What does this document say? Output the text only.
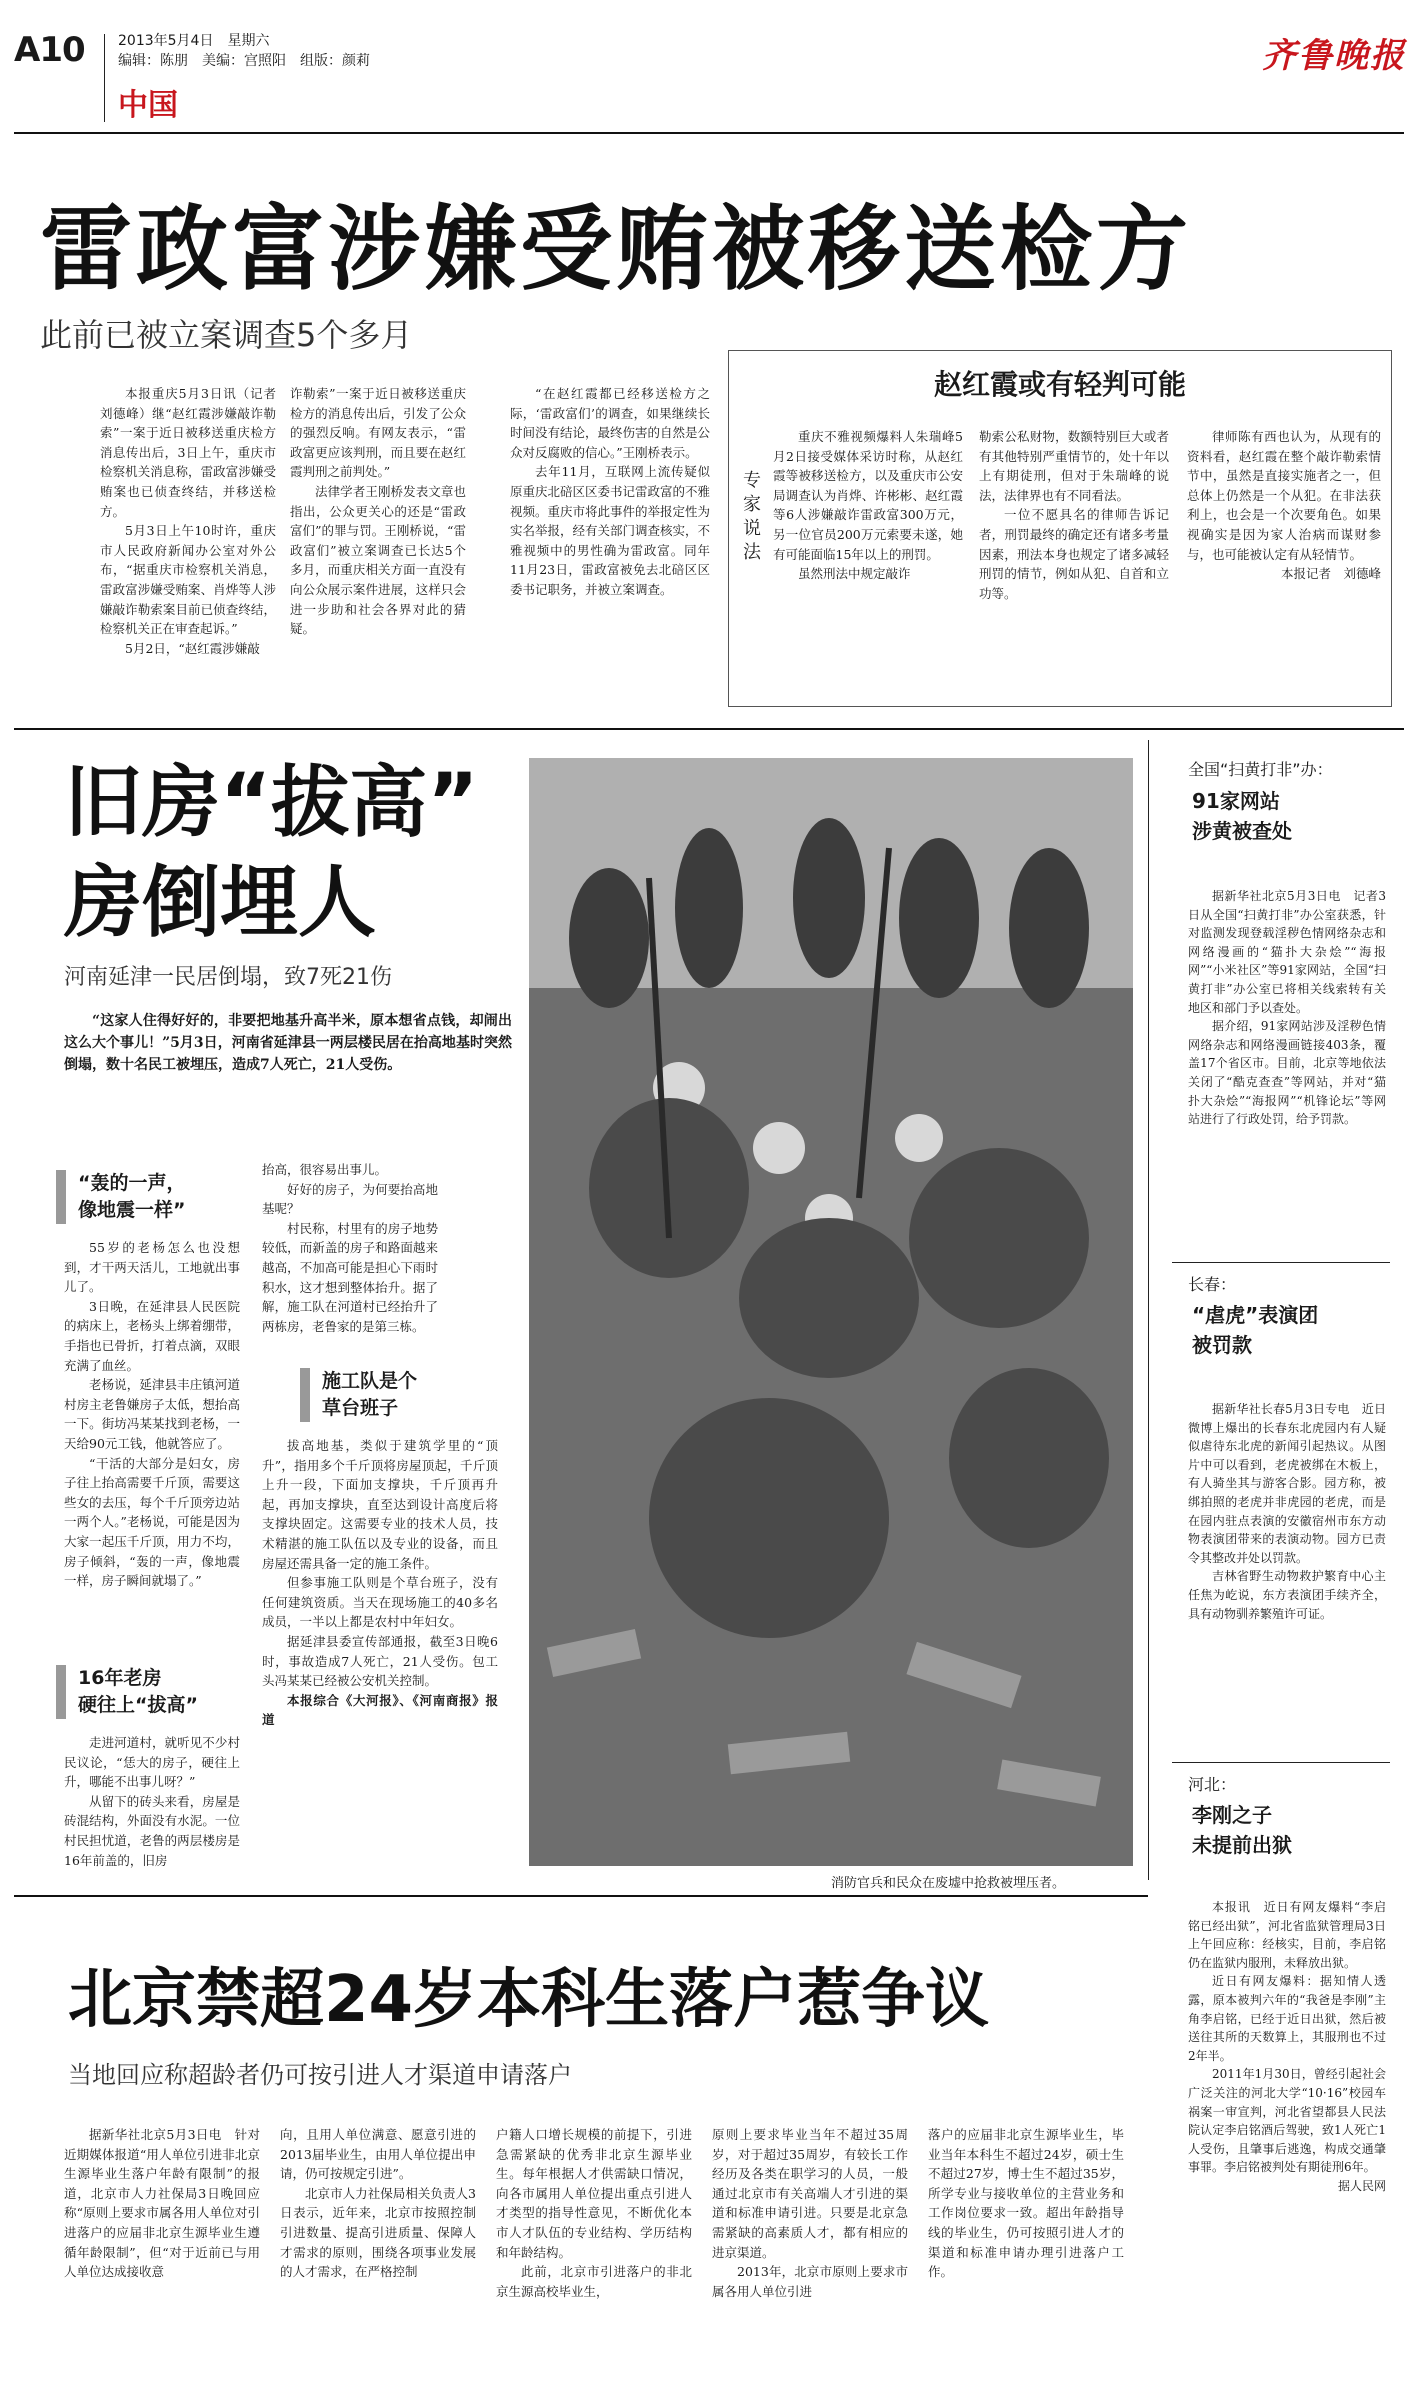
A10 2013年5月4日　星期六
编辑：陈朋　美编：宫照阳　组版：颜莉
中国
齐鲁晚报
雷政富涉嫌受贿被移送检方
此前已被立案调查5个多月

本报重庆5月3日讯（记者　刘德峰）继“赵红霞涉嫌敲诈勒索”一案于近日被移送重庆检方消息传出后，3日上午，重庆市检察机关消息称，雷政富涉嫌受贿案也已侦查终结，并移送检方。

5月3日上午10时许，重庆市人民政府新闻办公室对外公布，“据重庆市检察机关消息，雷政富涉嫌受贿案、肖烨等人涉嫌敲诈勒索案目前已侦查终结，检察机关正在审查起诉。”

5月2日，“赵红霞涉嫌敲

诈勒索”一案于近日被移送重庆检方的消息传出后，引发了公众的强烈反响。有网友表示，“雷政富更应该判刑，而且要在赵红霞判刑之前判处。”

法律学者王刚桥发表文章也指出，公众更关心的还是“雷政富们”的罪与罚。王刚桥说，“雷政富们”被立案调查已长达5个多月，而重庆相关方面一直没有向公众展示案件进展，这样只会进一步助和社会各界对此的猜疑。

“在赵红霞都已经移送检方之际，‘雷政富们’的调查，如果继续长时间没有结论，最终伤害的自然是公众对反腐败的信心。”王刚桥表示。

去年11月，互联网上流传疑似原重庆北碚区区委书记雷政富的不雅视频。重庆市将此事件的举报定性为实名举报，经有关部门调查核实，不雅视频中的男性确为雷政富。同年11月23日，雷政富被免去北碚区区委书记职务，并被立案调查。

赵红霞或有轻判可能
专家说法

重庆不雅视频爆料人朱瑞峰5月2日接受媒体采访时称，从赵红霞等被移送检方，以及重庆市公安局调查认为肖烨、许彬彬、赵红霞等6人涉嫌敲诈雷政富300万元，另一位官员200万元索要未遂，她有可能面临15年以上的刑罚。

虽然刑法中规定敲诈

勒索公私财物，数额特别巨大或者有其他特别严重情节的，处十年以上有期徒刑，但对于朱瑞峰的说法，法律界也有不同看法。

一位不愿具名的律师告诉记者，刑罚最终的确定还有诸多考量因素，刑法本身也规定了诸多减轻刑罚的情节，例如从犯、自首和立功等。

律师陈有西也认为，从现有的资料看，赵红霞在整个敲诈勒索情节中，虽然是直接实施者之一，但总体上仍然是一个从犯。在非法获利上，也会是一个次要角色。如果视确实是因为家人治病而谋财参与，也可能被认定有从轻情节。

本报记者　刘德峰

旧房“拔高”
房倒埋人
河南延津一民居倒塌，致7死21伤

“这家人住得好好的，非要把地基升高半米，原本想省点钱，却闹出这么大个事儿！”5月3日，河南省延津县一两层楼民居在抬高地基时突然倒塌，数十名民工被埋压，造成7人死亡，21人受伤。

“轰的一声，
像地震一样”

55岁的老杨怎么也没想到，才干两天活儿，工地就出事儿了。

3日晚，在延津县人民医院的病床上，老杨头上绑着绷带，手指也已骨折，打着点滴，双眼充满了血丝。

老杨说，延津县丰庄镇河道村房主老鲁嫌房子太低，想抬高一下。街坊冯某某找到老杨，一天给90元工钱，他就答应了。

“干活的大部分是妇女，房子往上抬高需要千斤顶，需要这些女的去压，每个千斤顶旁边站一两个人。”老杨说，可能是因为大家一起压千斤顶，用力不均，房子倾斜，“轰的一声，像地震一样，房子瞬间就塌了。”

16年老房
硬往上“拔高”

走进河道村，就听见不少村民议论，“恁大的房子，硬往上升，哪能不出事儿呀？”

从留下的砖头来看，房屋是砖混结构，外面没有水泥。一位村民担忧道，老鲁的两层楼房是16年前盖的，旧房

抬高，很容易出事儿。

好好的房子，为何要抬高地基呢？

村民称，村里有的房子地势较低，而新盖的房子和路面越来越高，不加高可能是担心下雨时积水，这才想到整体抬升。据了解，施工队在河道村已经抬升了两栋房，老鲁家的是第三栋。

施工队是个
草台班子

拔高地基，类似于建筑学里的“顶升”，指用多个千斤顶将房屋顶起，千斤顶上升一段，下面加支撑块，千斤顶再升起，再加支撑块，直至达到设计高度后将支撑块固定。这需要专业的技术人员，技术精湛的施工队伍以及专业的设备，而且房屋还需具备一定的施工条件。

但参事施工队则是个草台班子，没有任何建筑资质。当天在现场施工的40多名成员，一半以上都是农村中年妇女。

据延津县委宣传部通报，截至3日晚6时，事故造成7人死亡，21人受伤。包工头冯某某已经被公安机关控制。

本报综合《大河报》、《河南商报》报道

消防官兵和民众在废墟中抢救被埋压者。
全国“扫黄打非”办：
91家网站
涉黄被查处

据新华社北京5月3日电　记者3日从全国“扫黄打非”办公室获悉，针对监测发现登载淫秽色情网络杂志和网络漫画的“猫扑大杂烩”“海报网”“小米社区”等91家网站，全国“扫黄打非”办公室已将相关线索转有关地区和部门予以查处。

据介绍，91家网站涉及淫秽色情网络杂志和网络漫画链接403条，覆盖17个省区市。目前，北京等地依法关闭了“酷克查查”等网站，并对“猫扑大杂烩”“海报网”“机锋论坛”等网站进行了行政处罚，给予罚款。

长春：
“虐虎”表演团
被罚款

据新华社长春5月3日专电　近日微博上爆出的长春东北虎园内有人疑似虐待东北虎的新闻引起热议。从图片中可以看到，老虎被绑在木板上，有人骑坐其与游客合影。园方称，被绑拍照的老虎并非虎园的老虎，而是在园内驻点表演的安徽宿州市东方动物表演团带来的表演动物。园方已责令其整改并处以罚款。

吉林省野生动物救护繁育中心主任焦为屹说，东方表演团手续齐全，具有动物驯养繁殖许可证。

河北：
李刚之子
未提前出狱

本报讯　近日有网友爆料“李启铭已经出狱”，河北省监狱管理局3日上午回应称：经核实，目前，李启铭仍在监狱内服刑，未释放出狱。

近日有网友爆料：据知情人透露，原本被判六年的“我爸是李刚”主角李启铭，已经于近日出狱，然后被送往其所的天数算上，其服刑也不过2年半。

2011年1月30日，曾经引起社会广泛关注的河北大学“10·16”校园车祸案一审宣判，河北省望都县人民法院认定李启铭酒后驾驶，致1人死亡1人受伤，且肇事后逃逸，构成交通肇事罪。李启铭被判处有期徒刑6年。

据人民网

北京禁超24岁本科生落户惹争议
当地回应称超龄者仍可按引进人才渠道申请落户

据新华社北京5月3日电　针对近期媒体报道“用人单位引进非北京生源毕业生落户年龄有限制”的报道，北京市人力社保局3日晚回应称“原则上要求市属各用人单位对引进落户的应届非北京生源毕业生遵循年龄限制”，但“对于近前已与用人单位达成接收意

向，且用人单位满意、愿意引进的2013届毕业生，由用人单位提出申请，仍可按规定引进”。

北京市人力社保局相关负责人3日表示，近年来，北京市按照控制引进数量、提高引进质量、保障人才需求的原则，围绕各项事业发展的人才需求，在严格控制

户籍人口增长规模的前提下，引进急需紧缺的优秀非北京生源毕业生。每年根据人才供需缺口情况，向各市属用人单位提出重点引进人才类型的指导性意见，不断优化本市人才队伍的专业结构、学历结构和年龄结构。

此前，北京市引进落户的非北京生源高校毕业生，

原则上要求毕业当年不超过35周岁，对于超过35周岁，有较长工作经历及各类在职学习的人员，一般通过北京市有关高端人才引进的渠道和标准申请引进。只要是北京急需紧缺的高素质人才，都有相应的进京渠道。

2013年，北京市原则上要求市属各用人单位引进

落户的应届非北京生源毕业生，毕业当年本科生不超过24岁，硕士生不超过27岁，博士生不超过35岁，所学专业与接收单位的主营业务和工作岗位要求一致。超出年龄指导线的毕业生，仍可按照引进人才的渠道和标准申请办理引进落户工作。
